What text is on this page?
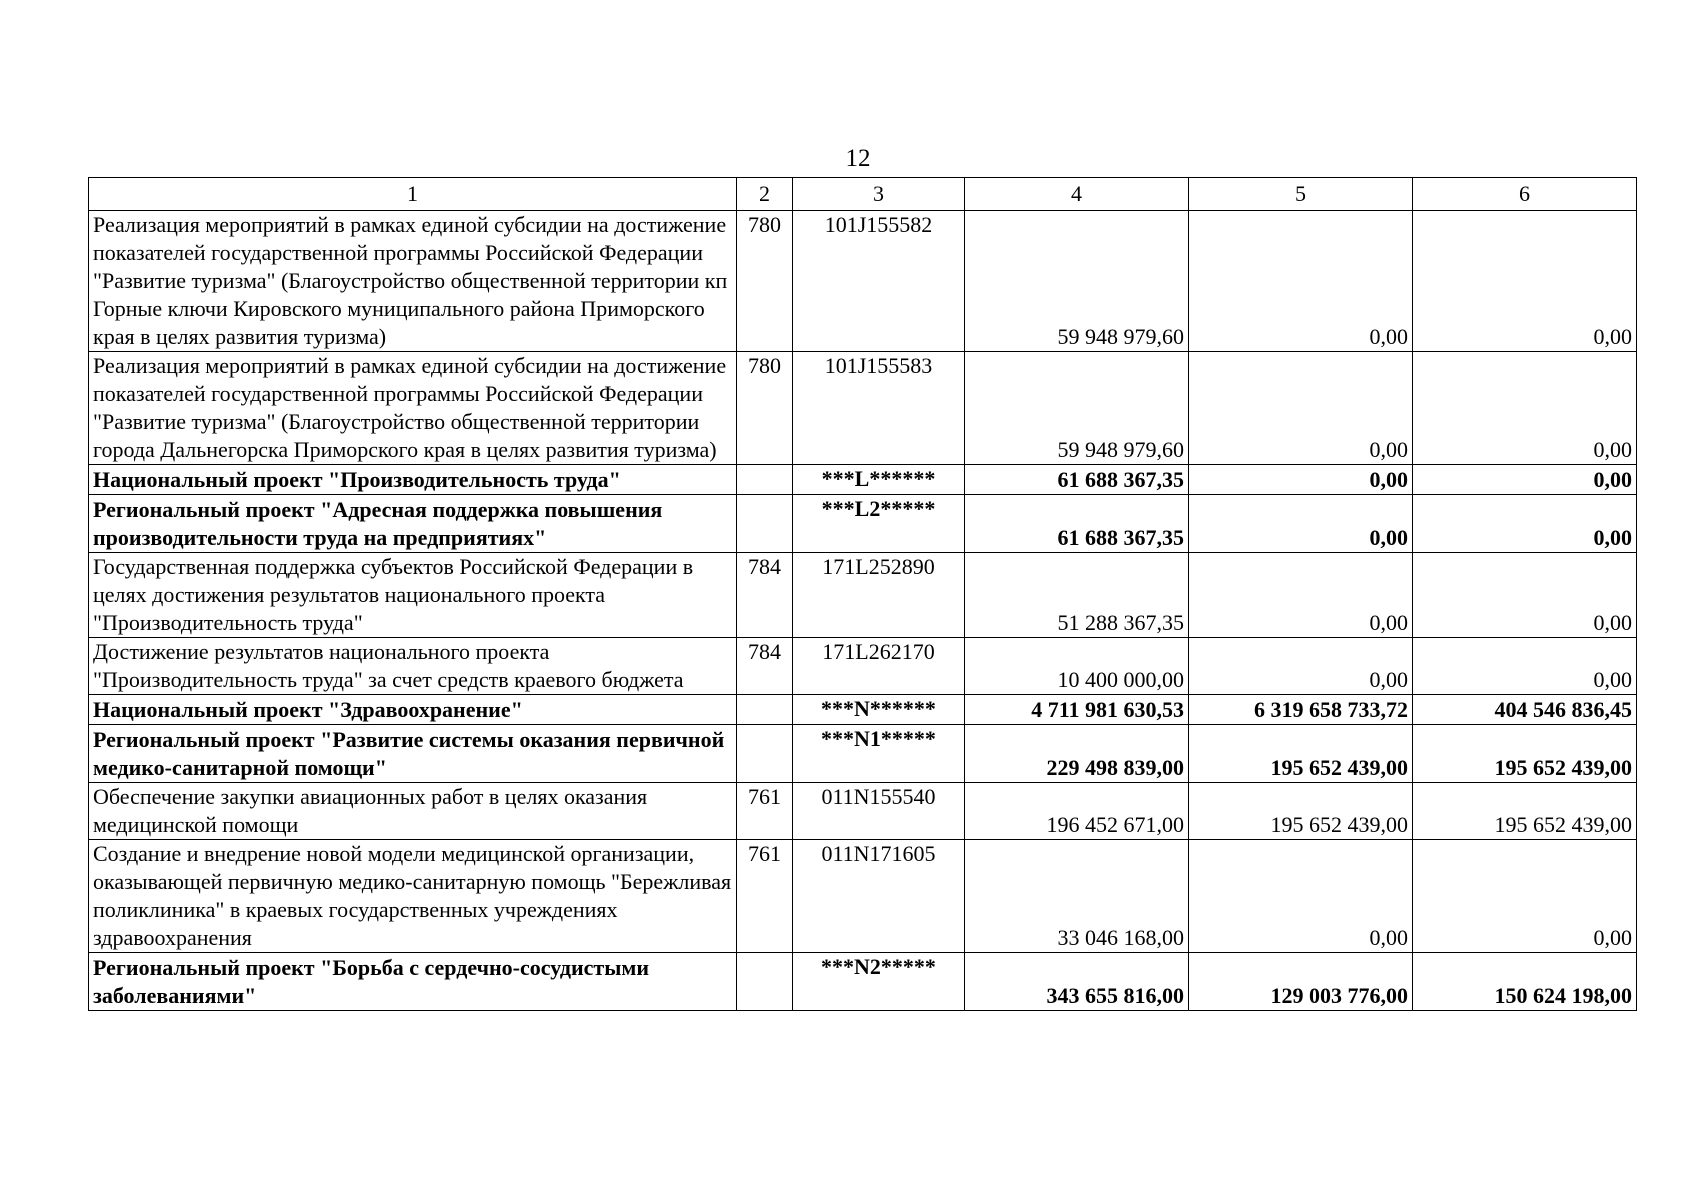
12
1	2	3	4	5	6
Реализация мероприятий в рамках единой субсидии на достижение показателей государственной программы Российской Федерации "Развитие туризма" (Благоустройство общественной территории кп Горные ключи Кировского муниципального района Приморского края в целях развития туризма)	780	101J155582	59 948 979,60	0,00	0,00
Реализация мероприятий в рамках единой субсидии на достижение показателей государственной программы Российской Федерации "Развитие туризма" (Благоустройство общественной территории города Дальнегорска Приморского края в целях развития туризма)	780	101J155583	59 948 979,60	0,00	0,00
Национальный проект "Производительность труда"		***L******	61 688 367,35	0,00	0,00
Региональный проект "Адресная поддержка повышения производительности труда на предприятиях"		***L2*****	61 688 367,35	0,00	0,00
Государственная поддержка субъектов Российской Федерации в целях достижения результатов национального проекта "Производительность труда"	784	171L252890	51 288 367,35	0,00	0,00
Достижение результатов национального проекта "Производительность труда" за счет средств краевого бюджета	784	171L262170	10 400 000,00	0,00	0,00
Национальный проект "Здравоохранение"		***N******	4 711 981 630,53	6 319 658 733,72	404 546 836,45
Региональный проект "Развитие системы оказания первичной медико-санитарной помощи"		***N1*****	229 498 839,00	195 652 439,00	195 652 439,00
Обеспечение закупки авиационных работ в целях оказания медицинской помощи	761	011N155540	196 452 671,00	195 652 439,00	195 652 439,00
Создание и внедрение новой модели медицинской организации, оказывающей первичную медико-санитарную помощь "Бережливая поликлиника" в краевых государственных учреждениях здравоохранения	761	011N171605	33 046 168,00	0,00	0,00
Региональный проект "Борьба с сердечно-сосудистыми заболеваниями"		***N2*****	343 655 816,00	129 003 776,00	150 624 198,00
